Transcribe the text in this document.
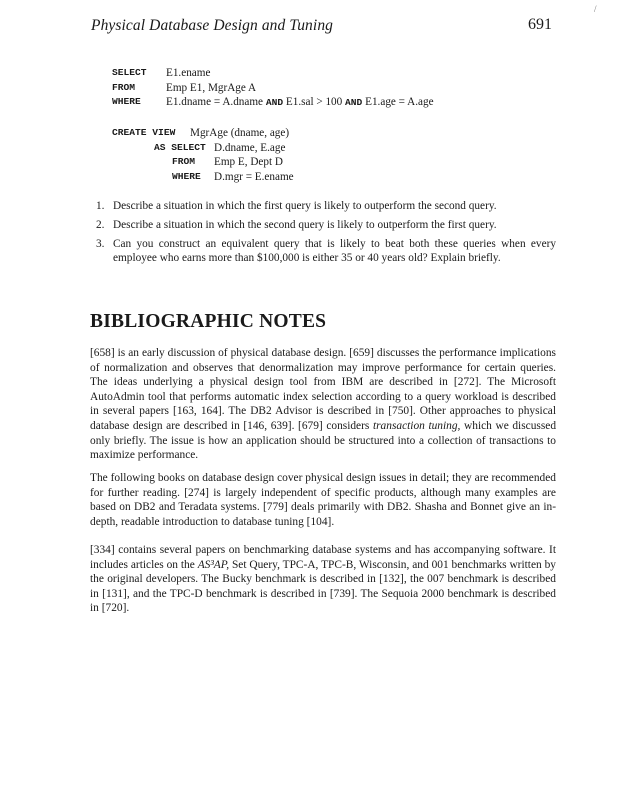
/
Physical Database Design and Tuning	691
SELECT E1.ename
FROM	Emp E1, MgrAge A
WHERE E1.dname = A.dname AND E1.sal > 100 AND E1.age = A.age
CREATE VIEW MgrAge (dname, age)
AS SELECT D.dname, E.age
FROM Emp E, Dept D
WHERE D.mgr = E.ename
1. Describe a situation in which the first query is likely to outperform the second query.
2. Describe a situation in which the second query is likely to outperform the first query.
3. Can you construct an equivalent query that is likely to beat both these queries when every employee who earns more than $100,000 is either 35 or 40 years old? Explain briefly.
BIBLIOGRAPHIC NOTES

[658] is an early discussion of physical database design. [659] discusses the performance implications of normalization and observes that denormalization may improve performance for certain queries. The ideas underlying a physical design tool from IBM are described in [272]. The Microsoft AutoAdmin tool that performs automatic index selection according to a query workload is described in several papers [163, 164]. The DB2 Advisor is described in [750]. Other approaches to physical database design are described in [146, 639]. [679] considers transaction tuning, which we discussed only briefly. The issue is how an application should be structured into a collection of transactions to maximize performance.

The following books on database design cover physical design issues in detail; they are recommended for further reading. [274] is largely independent of specific products, although many examples are based on DB2 and Teradata systems. [779] deals primarily with DB2. Shasha and Bonnet give an in-depth, readable introduction to database tuning [104].

[334] contains several papers on benchmarking database systems and has accompanying software. It includes articles on the AS³AP, Set Query, TPC-A, TPC-B, Wisconsin, and 001 benchmarks written by the original developers. The Bucky benchmark is described in [132], the 007 benchmark is described in [131], and the TPC-D benchmark is described in [739]. The Sequoia 2000 benchmark is described in [720].
